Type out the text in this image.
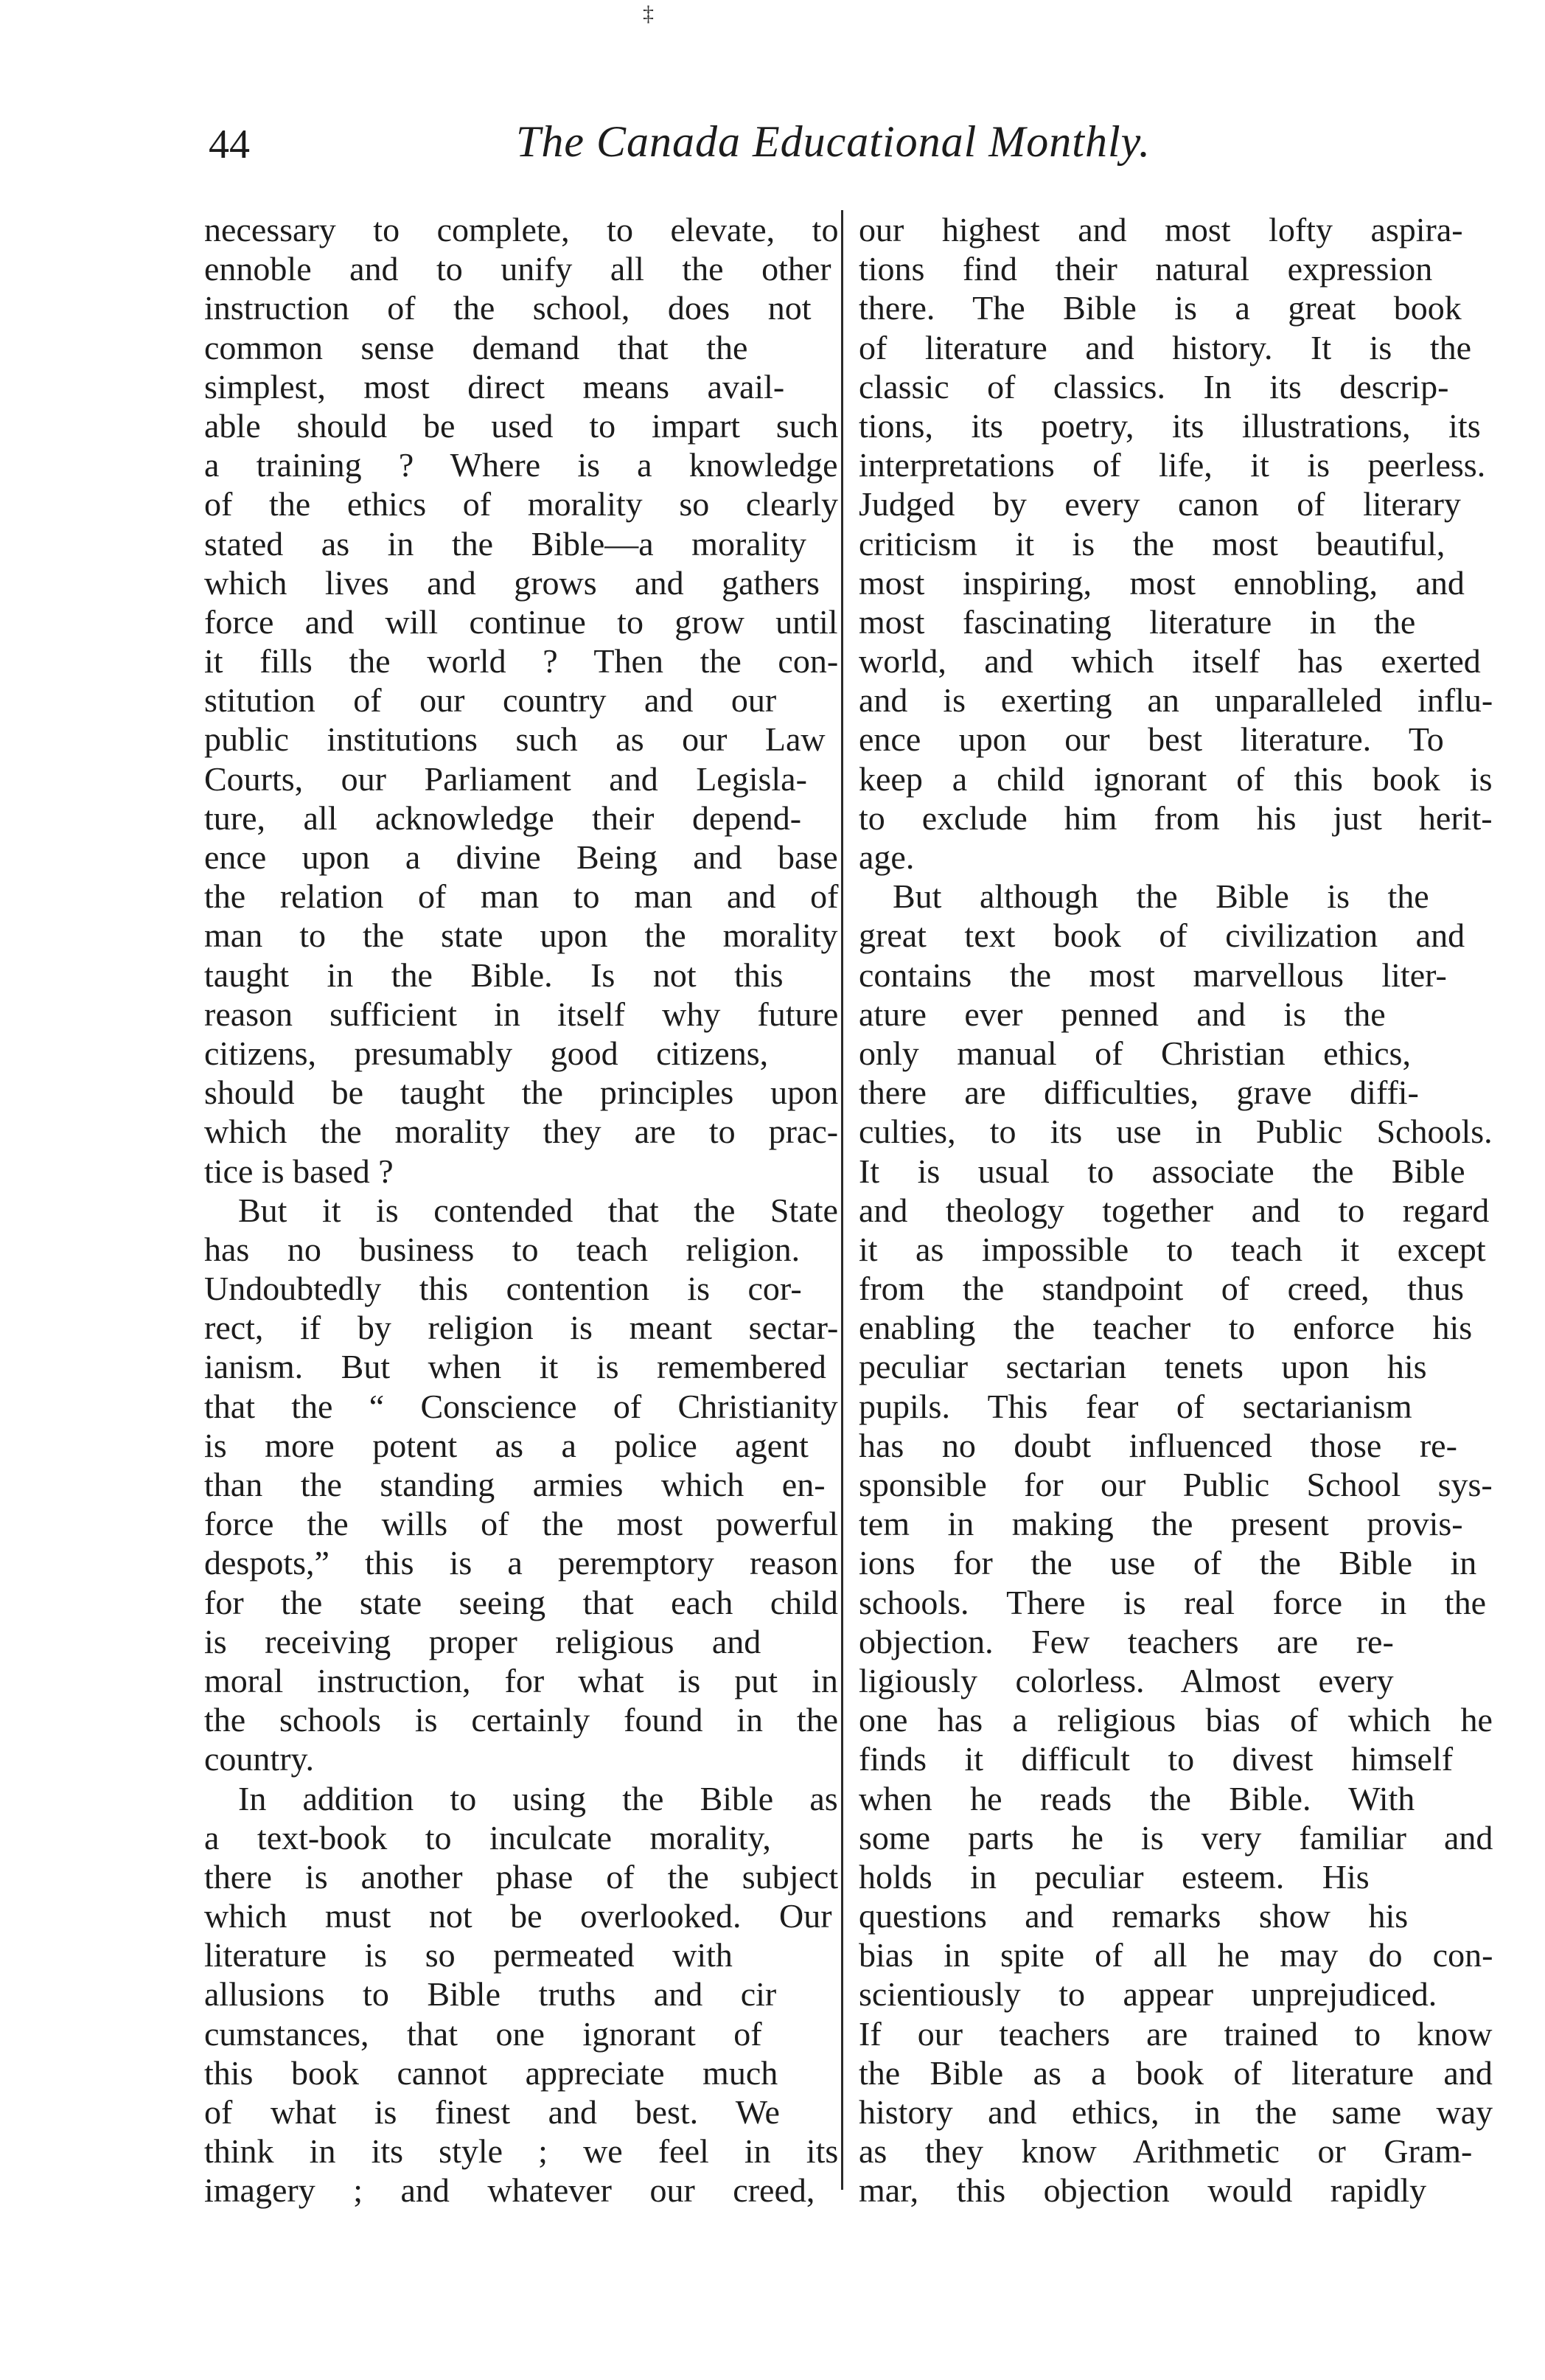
‡
44	The Canada Educational Monthly.
necessary to complete, to elevate, to
ennoble and to unify all the other
instruction of the school, does not
common sense demand that the
simplest, most direct means avail-
able should be used to impart such
a training ? Where is a knowledge
of the ethics of morality so clearly
stated as in the Bible—a morality
which lives and grows and gathers
force and will continue to grow until
it fills the world ? Then the con-
stitution of our country and our
public institutions such as our Law
Courts, our Parliament and Legisla-
ture, all acknowledge their depend-
ence upon a divine Being and base
the relation of man to man and of
man to the state upon the morality
taught in the Bible. Is not this
reason sufficient in itself why future
citizens, presumably good citizens,
should be taught the principles upon
which the morality they are to prac-
tice is based ?
But it is contended that the State
has no business to teach religion.
Undoubtedly this contention is cor-
rect, if by religion is meant sectar-
ianism. But when it is remembered
that the “ Conscience of Christianity
is more potent as a police agent
than the standing armies which en-
force the wills of the most powerful
despots,” this is a peremptory reason
for the state seeing that each child
is receiving proper religious and
moral instruction, for what is put in
the schools is certainly found in the
country.
In addition to using the Bible as
a text-book to inculcate morality,
there is another phase of the subject
which must not be overlooked. Our
literature is so permeated with
allusions to Bible truths and cir
cumstances, that one ignorant of
this book cannot appreciate much
of what is finest and best. We
think in its style ; we feel in its
imagery ; and whatever our creed,
our highest and most lofty aspira-
tions find their natural expression
there. The Bible is a great book
of literature and history. It is the
classic of classics. In its descrip-
tions, its poetry, its illustrations, its
interpretations of life, it is peerless.
Judged by every canon of literary
criticism it is the most beautiful,
most inspiring, most ennobling, and
most fascinating literature in the
world, and which itself has exerted
and is exerting an unparalleled influ-
ence upon our best literature. To
keep a child ignorant of this book is
to exclude him from his just herit-
age.
But although the Bible is the
great text book of civilization and
contains the most marvellous liter-
ature ever penned and is the
only manual of Christian ethics,
there are difficulties, grave diffi-
culties, to its use in Public Schools.
It is usual to associate the Bible
and theology together and to regard
it as impossible to teach it except
from the standpoint of creed, thus
enabling the teacher to enforce his
peculiar sectarian tenets upon his
pupils. This fear of sectarianism
has no doubt influenced those re-
sponsible for our Public School sys-
tem in making the present provis-
ions for the use of the Bible in
schools. There is real force in the
objection. Few teachers are re-
ligiously colorless. Almost every
one has a religious bias of which he
finds it difficult to divest himself
when he reads the Bible. With
some parts he is very familiar and
holds in peculiar esteem. His
questions and remarks show his
bias in spite of all he may do con-
scientiously to appear unprejudiced.
If our teachers are trained to know
the Bible as a book of literature and
history and ethics, in the same way
as they know Arithmetic or Gram-
mar, this objection would rapidly
